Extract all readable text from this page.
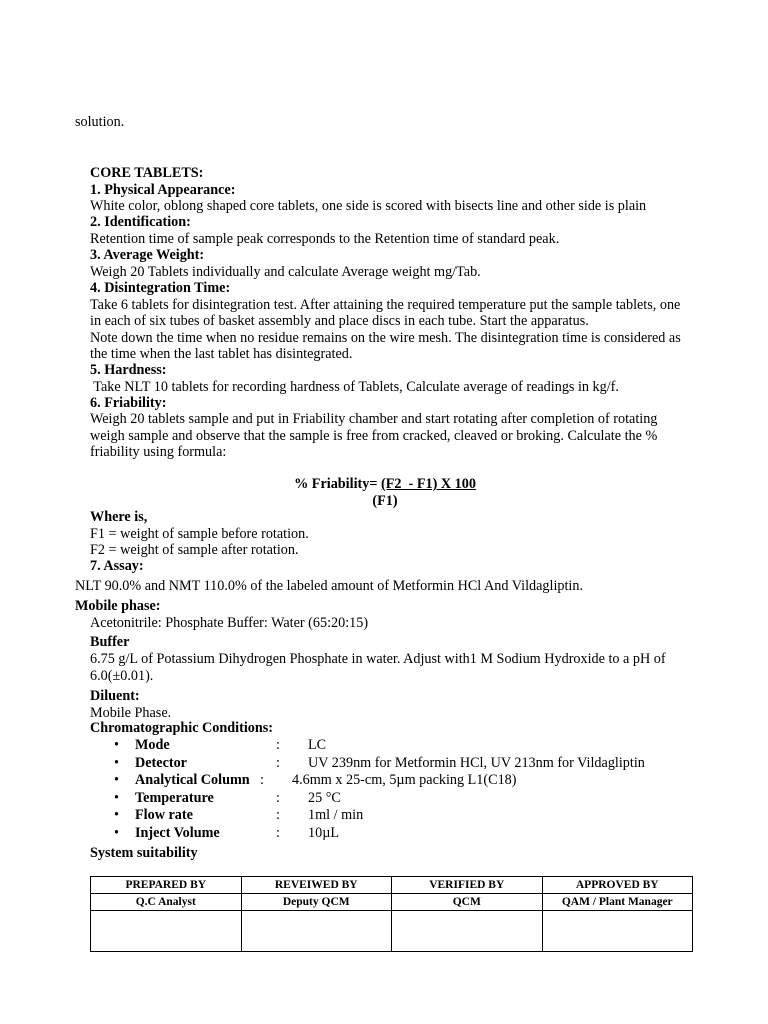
solution.

CORE TABLETS:

1. Physical Appearance:

White color, oblong shaped core tablets, one side is scored with bisects line and other side is plain

2. Identification:

Retention time of sample peak corresponds to the Retention time of standard peak.

3. Average Weight:

Weigh 20 Tablets individually and calculate Average weight mg/Tab.

4. Disintegration Time:

Take 6 tablets for disintegration test. After attaining the required temperature put the sample tablets, one

in each of six tubes of basket assembly and place discs in each tube. Start the apparatus.

Note down the time when no residue remains on the wire mesh. The disintegration time is considered as

the time when the last tablet has disintegrated.

5. Hardness:

Take NLT 10 tablets for recording hardness of Tablets, Calculate average of readings in kg/f.

6. Friability:

Weigh 20 tablets sample and put in Friability chamber and start rotating after completion of rotating

weigh sample and observe that the sample is free from cracked, cleaved or broking. Calculate the %

friability using formula:

% Friability= (F2  - F1) X 100
(F1)

Where is,

F1 = weight of sample before rotation.

F2 = weight of sample after rotation.

7. Assay:

NLT 90.0% and NMT 110.0% of the labeled amount of Metformin HCl And Vildagliptin.

Mobile phase:

Acetonitrile: Phosphate Buffer: Water (65:20:15)

Buffer

6.75 g/L of Potassium Dihydrogen Phosphate in water. Adjust with1 M Sodium Hydroxide to a pH of

6.0(±0.01).

Diluent:

Mobile Phase.

Chromatographic Conditions:

• Mode	: LC
• Detector	: UV 239nm for Metformin HCl, UV 213nm for Vildagliptin
• Analytical Column : 4.6mm x 25-cm, 5µm packing L1(C18)
• Temperature	: 25 °C
• Flow rate	: 1ml / min
• Inject Volume	: 10µL

System suitability

PREPARED BY	REVEIWED BY	VERIFIED BY	APPROVED BY
Q.C Analyst	Deputy QCM	QCM	QAM / Plant Manager
